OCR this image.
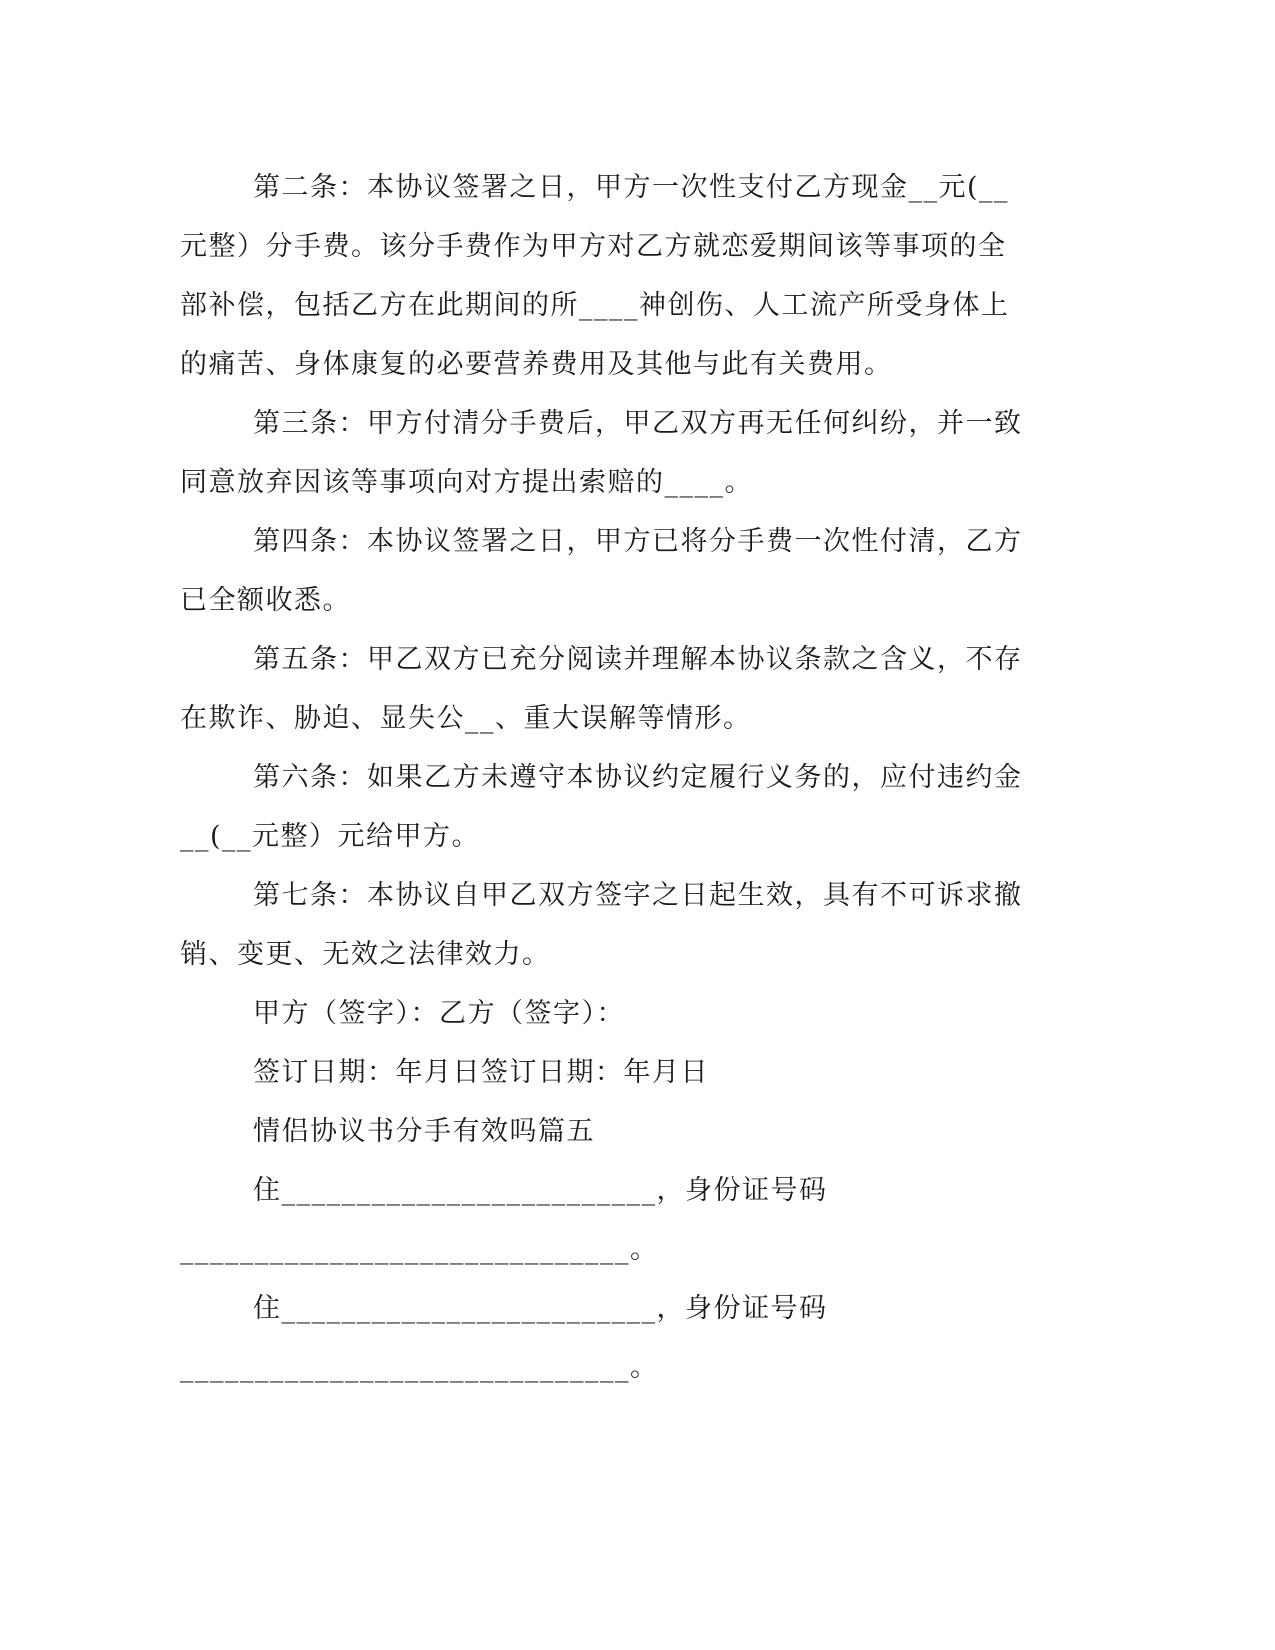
第二条：本协议签署之日，甲方一次性支付乙方现金__元(__元整）分手费。该分手费作为甲方对乙方就恋爱期间该等事项的全部补偿，包括乙方在此期间的所____神创伤、人工流产所受身体上的痛苦、身体康复的必要营养费用及其他与此有关费用。

第三条：甲方付清分手费后，甲乙双方再无任何纠纷，并一致同意放弃因该等事项向对方提出索赔的____。

第四条：本协议签署之日，甲方已将分手费一次性付清，乙方已全额收悉。

第五条：甲乙双方已充分阅读并理解本协议条款之含义，不存在欺诈、胁迫、显失公__、重大误解等情形。

第六条：如果乙方未遵守本协议约定履行义务的，应付违约金__(__元整）元给甲方。

第七条：本协议自甲乙双方签字之日起生效，具有不可诉求撤销、变更、无效之法律效力。

甲方（签字）：乙方（签字）：

签订日期：年月日签订日期：年月日

情侣协议书分手有效吗篇五

住_________________________，身份证号码

______________________________。

住_________________________，身份证号码

______________________________。
